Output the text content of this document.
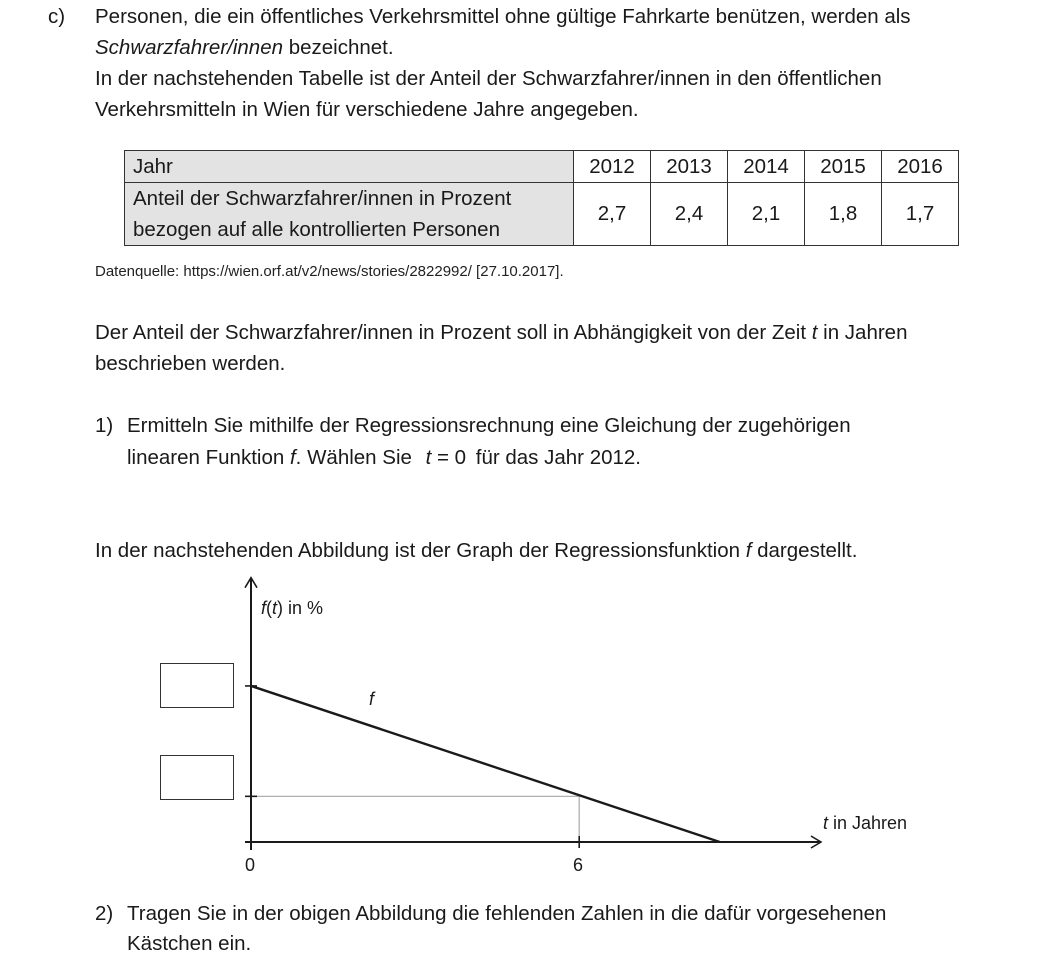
c) Personen, die ein öffentliches Verkehrsmittel ohne gültige Fahrkarte benützen, werden als
Schwarzfahrer/innen bezeichnet.
In der nachstehenden Tabelle ist der Anteil der Schwarzfahrer/innen in den öffentlichen
Verkehrsmitteln in Wien für verschiedene Jahre angegeben.
Jahr	2012	2013	2014	2015	2016

Anteil der Schwarzfahrer/innen in Prozent
bezogen auf alle kontrollierten Personen	2,7	2,4	2,1	1,8	1,7
Datenquelle: https://wien.orf.at/v2/news/stories/2822992/ [27.10.2017].
Der Anteil der Schwarzfahrer/innen in Prozent soll in Abhängigkeit von der Zeit t in Jahren
beschrieben werden.
1) Ermitteln Sie mithilfe der Regressionsrechnung eine Gleichung der zugehörigen
linearen Funktion f. Wählen Sie t = 0 für das Jahr 2012.
In der nachstehenden Abbildung ist der Graph der Regressionsfunktion f dargestellt.
f(t) in %
f
t in Jahren
0	6
2) Tragen Sie in der obigen Abbildung die fehlenden Zahlen in die dafür vorgesehenen
Kästchen ein.
